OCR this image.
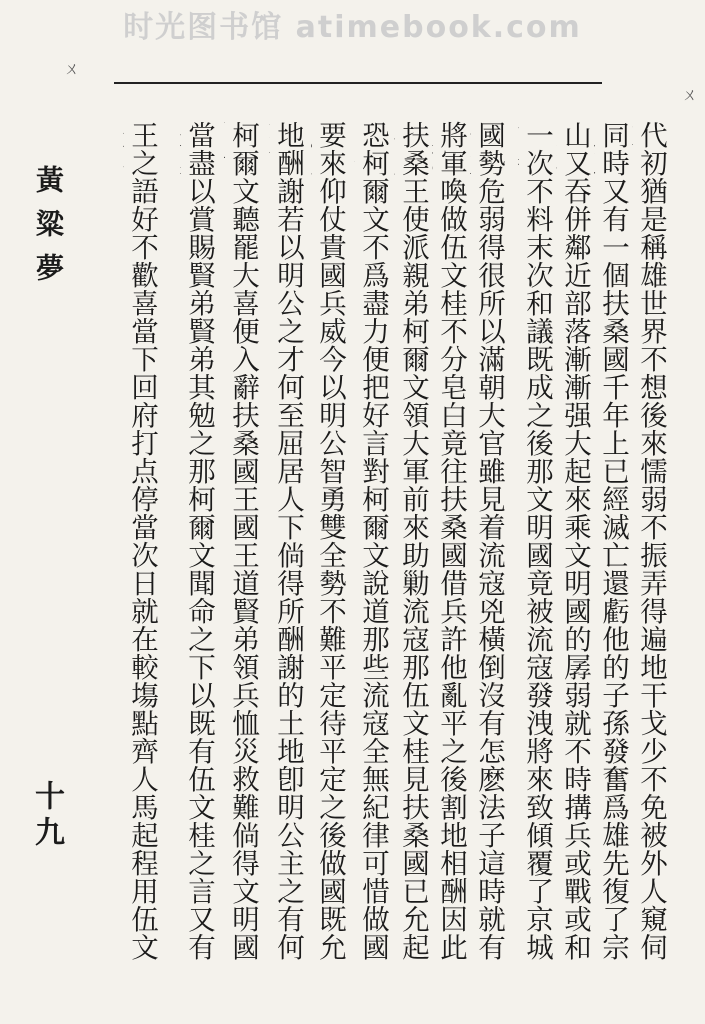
时光图书馆 atimebook.com
ㄨ
ㄨ
代初猶是稱雄世界不想後來懦弱不振弄得遍地干戈少不免被外人窺伺
同時又有一個扶桑國千年上已經滅亡還虧他的子孫發奮爲雄先復了宗
山又吞併鄰近部落漸漸强大起來乘文明國的孱弱就不時搆兵或戰或和
一次不料末次和議既成之後那文明國竟被流寇發洩將來致傾覆了京城
國勢危弱得很所以滿朝大官雖見着流寇兇橫倒沒有怎麽法子這時就有
將軍喚做伍文桂不分皂白竟往扶桑國借兵許他亂平之後割地相酬因此
扶桑王使派親弟柯爾文領大軍前來助勦流寇那伍文桂見扶桑國已允起
恐柯爾文不爲盡力便把好言對柯爾文說道那些流寇全無紀律可惜做國
要來仰仗貴國兵威今以明公智勇雙全勢不難平定待平定之後做國既允
地酬謝若以明公之才何至屈居人下倘得所酬謝的土地卽明公主之有何
柯爾文聽罷大喜便入辭扶桑國王國王道賢弟領兵恤災救難倘得文明國
當盡以賞賜賢弟賢弟其勉之那柯爾文聞命之下以既有伍文桂之言又有
王之語好不歡喜當下回府打点停當次日就在較塲點齊人馬起程用伍文
黃粱夢
十九
